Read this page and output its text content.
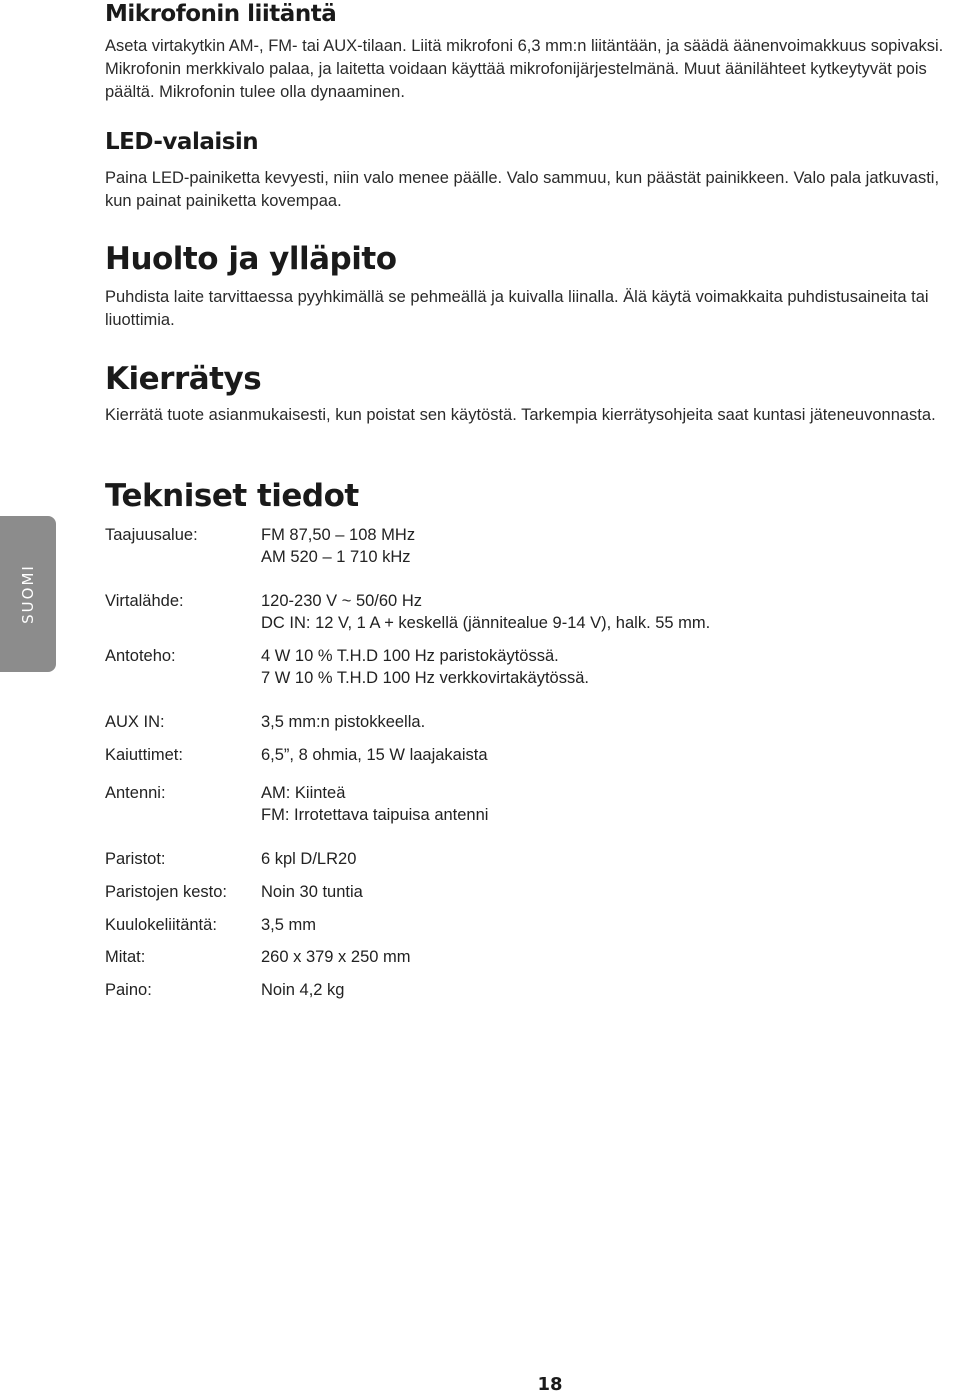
Mikrofonin liitäntä

Aseta virtakytkin AM-, FM- tai AUX-tilaan. Liitä mikrofoni 6,3 mm:n liitäntään, ja säädä äänenvoimakkuus sopivaksi. Mikrofonin merkkivalo palaa, ja laitetta voidaan käyttää mikrofonijärjestelmänä. Muut äänilähteet kytkeytyvät pois päältä. Mikrofonin tulee olla dynaaminen.

LED-valaisin

Paina LED-painiketta kevyesti, niin valo menee päälle. Valo sammuu, kun päästät painikkeen. Valo pala jatkuvasti, kun painat painiketta kovempaa.

Huolto ja ylläpito

Puhdista laite tarvittaessa pyyhkimällä se pehmeällä ja kuivalla liinalla. Älä käytä voimakkaita puhdistusaineita tai liuottimia.

Kierrätys

Kierrätä tuote asianmukaisesti, kun poistat sen käytöstä. Tarkempia kierrätysohjeita saat kuntasi jäteneuvonnasta.

Tekniset tiedot
Taajuusalue:	FM 87,50 – 108 MHz
AM 520 – 1 710 kHz
Virtalähde:	120-230 V ~ 50/60 Hz
DC IN: 12 V, 1 A + keskellä (jännitealue 9-14 V), halk. 55 mm.
Antoteho:	4 W 10 % T.H.D 100 Hz paristokäytössä.
7 W 10 % T.H.D 100 Hz verkkovirtakäytössä.
AUX IN:	3,5 mm:n pistokkeella.
Kaiuttimet:	6,5”, 8 ohmia, 15 W laajakaista
Antenni:	AM: Kiinteä
FM: Irrotettava taipuisa antenni
Paristot:	6 kpl D/LR20
Paristojen kesto:	Noin 30 tuntia
Kuulokeliitäntä:	3,5 mm
Mitat:	260 x 379 x 250 mm
Paino:	Noin 4,2 kg
SUOMI
18
